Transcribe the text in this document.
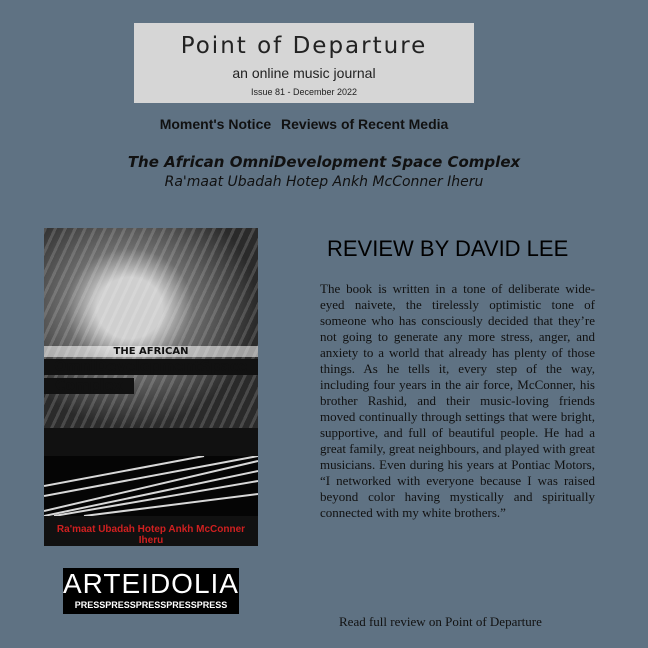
Point of Departure
an online music journal
Issue 81 - December 2022
Moment's Notice Reviews of Recent Media
The African OmniDevelopment Space Complex
Ra'maat Ubadah Hotep Ankh McConner Iheru
THE AFRICAN
OmniDevelopmentSpace
Complex
Ra'maat Ubadah Hotep Ankh McConner Iheru
ARTEIDOLIA
PRESSPRESSPRESSPRESSPRESS
REVIEW BY DAVID LEE

The book is written in a tone of deliberate wide-eyed naivete, the tirelessly optimistic tone of someone who has consciously decided that they’re not going to generate any more stress, anger, and anxiety to a world that already has plenty of those things. As he tells it, every step of the way, including four years in the air force, McConner, his brother Rashid, and their music-loving friends moved continually through settings that were bright, supportive, and full of beautiful people. He had a great family, great neighbours, and played with great musicians. Even during his years at Pontiac Motors, “I networked with everyone because I was raised beyond color having mystically and spiritually connected with my white brothers.”

Read full review on Point of Departure
